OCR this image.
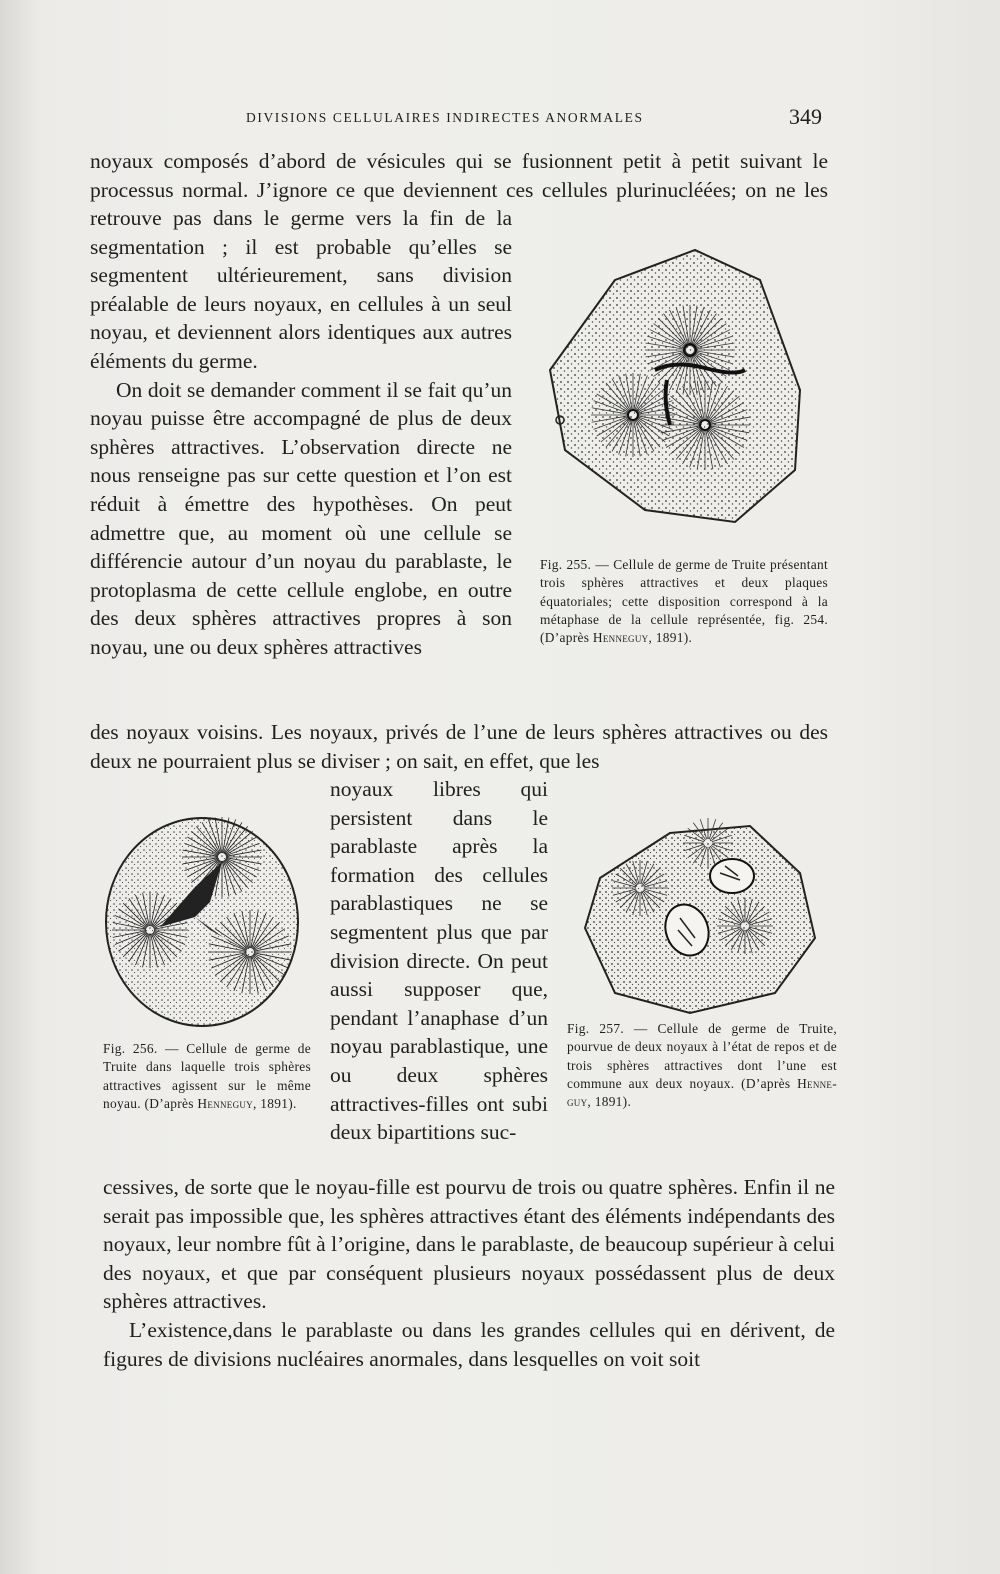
DIVISIONS CELLULAIRES INDIRECTES ANORMALES	349

noyaux composés d’abord de vésicules qui se fusionnent petit à petit suivant le processus normal. J’ignore ce que deviennent ces cellules plurinucléées; on ne les

retrouve pas dans le germe vers la fin de la segmentation ; il est probable qu’elles se segmentent ultérieurement, sans division préalable de leurs noyaux, en cellules à un seul noyau, et deviennent alors identiques aux autres éléments du germe.

On doit se demander comment il se fait qu’un noyau puisse être accompagné de plus de deux sphères attractives. L’observation directe ne nous renseigne pas sur cette question et l’on est réduit à émettre des hypothèses. On peut admettre que, au moment où une cellule se différencie autour d’un noyau du parablaste, le protoplasma de cette cellule englobe, en outre des deux sphères attractives propres à son noyau, une ou deux sphères attractives

des noyaux voisins. Les noyaux, privés de l’une de leurs sphères attractives ou des deux ne pourraient plus se diviser ; on sait, en effet, que les

noyaux libres qui persistent dans le parablaste après la formation des cellules parablastiques ne se segmentent plus que par division directe. On peut aussi supposer que, pendant l’anaphase d’un noyau parablastique, une ou deux sphères attractives-filles ont subi deux bipartitions suc-

cessives, de sorte que le noyau-fille est pourvu de trois ou quatre sphères. Enfin il ne serait pas impossible que, les sphères attractives étant des éléments indépendants des noyaux, leur nombre fût à l’origine, dans le parablaste, de beaucoup supérieur à celui des noyaux, et que par conséquent plusieurs noyaux possédassent plus de deux sphères attractives.

L’existence,dans le parablaste ou dans les grandes cellules qui en dérivent, de figures de divisions nucléaires anormales, dans lesquelles on voit soit

Fig. 255. — Cellule de germe de Truite présentant trois sphères attractives et deux plaques équatoriales; cette disposition correspond à la métaphase de la cellule représentée, fig. 254.(D’après Henneguy, 1891).
Fig. 256. — Cellule de germe de Truite dans laquelle trois sphères attractives agissent sur le même noyau. (D’après Henneguy, 1891).
Fig. 257. — Cellule de germe de Truite, pourvue de deux noyaux à l’état de repos et de trois sphères attractives dont l’une est commune aux deux noyaux. (D’après Henne-guy, 1891).
